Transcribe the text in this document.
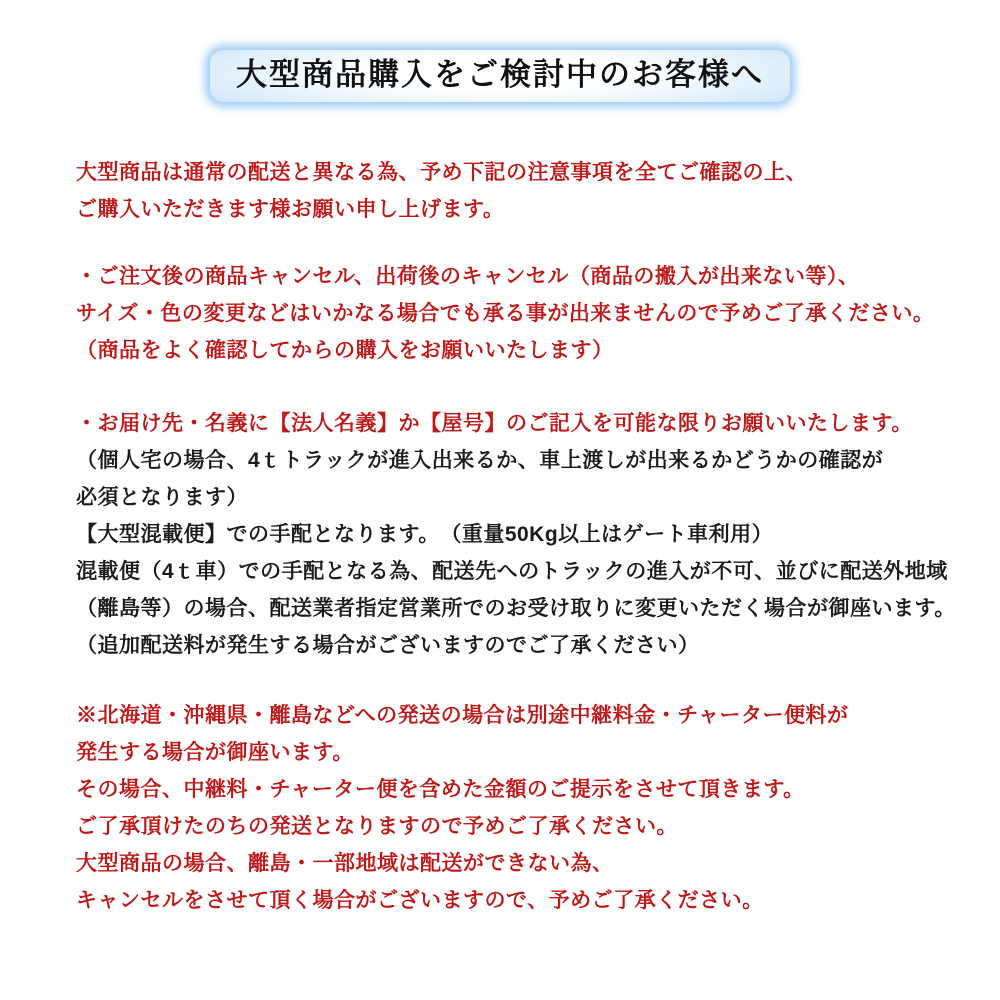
大型商品購入をご検討中のお客様へ
大型商品は通常の配送と異なる為、予め下記の注意事項を全てご確認の上、
ご購入いただきます様お願い申し上げます。
・ご注文後の商品キャンセル、出荷後のキャンセル（商品の搬入が出来ない等）、
サイズ・色の変更などはいかなる場合でも承る事が出来ませんので予めご了承ください。
（商品をよく確認してからの購入をお願いいたします）
・お届け先・名義に【法人名義】か【屋号】のご記入を可能な限りお願いいたします。
（個人宅の場合、4ｔトラックが進入出来るか、車上渡しが出来るかどうかの確認が
必須となります）
【大型混載便】での手配となります。　（重量50Kg以上はゲート車利用）
混載便（4ｔ車）での手配となる為、配送先へのトラックの進入が不可、並びに配送外地域
（離島等）の場合、配送業者指定営業所でのお受け取りに変更いただく場合が御座います。
（追加配送料が発生する場合がございますのでご了承ください）
※北海道・沖縄県・離島などへの発送の場合は別途中継料金・チャーター便料が
発生する場合が御座います。
その場合、中継料・チャーター便を含めた金額のご提示をさせて頂きます。
ご了承頂けたのちの発送となりますので予めご了承ください。
大型商品の場合、離島・一部地域は配送ができない為、
キャンセルをさせて頂く場合がございますので、予めご了承ください。
